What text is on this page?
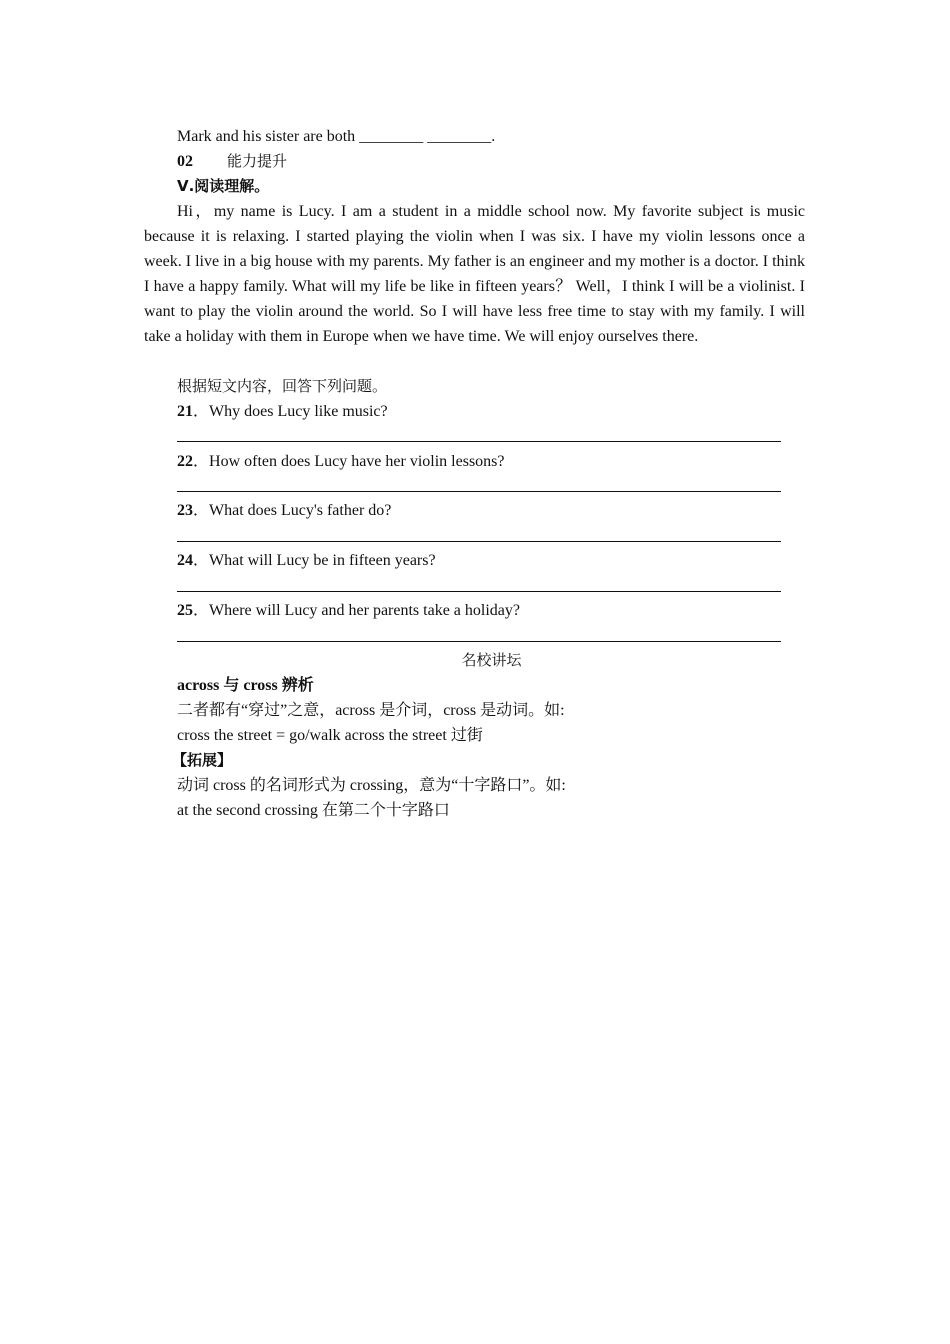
Mark and his sister are both ________ ________.
02 能力提升
Ⅴ.阅读理解。
Hi，my name is Lucy. I am a student in a middle school now. My favorite subject is music because it is relaxing. I started playing the violin when I was six. I have my violin lessons once a week. I live in a big house with my parents. My father is an engineer and my mother is a doctor. I think I have a happy family. What will my life be like in fifteen years？ Well，I think I will be a violinist. I want to play the violin around the world. So I will have less free time to stay with my family. I will take a holiday with them in Europe when we have time. We will enjoy ourselves there.
根据短文内容，回答下列问题。
21．Why does Lucy like music?
22．How often does Lucy have her violin lessons?
23．What does Lucy's father do?
24．What will Lucy be in fifteen years?
25．Where will Lucy and her parents take a holiday?
名校讲坛
across 与 cross 辨析
二者都有“穿过”之意，across 是介词，cross 是动词。如:
cross the street = go/walk across the street 过街
【拓展】
动词 cross 的名词形式为 crossing，意为“十字路口”。如:
at the second crossing 在第二个十字路口
